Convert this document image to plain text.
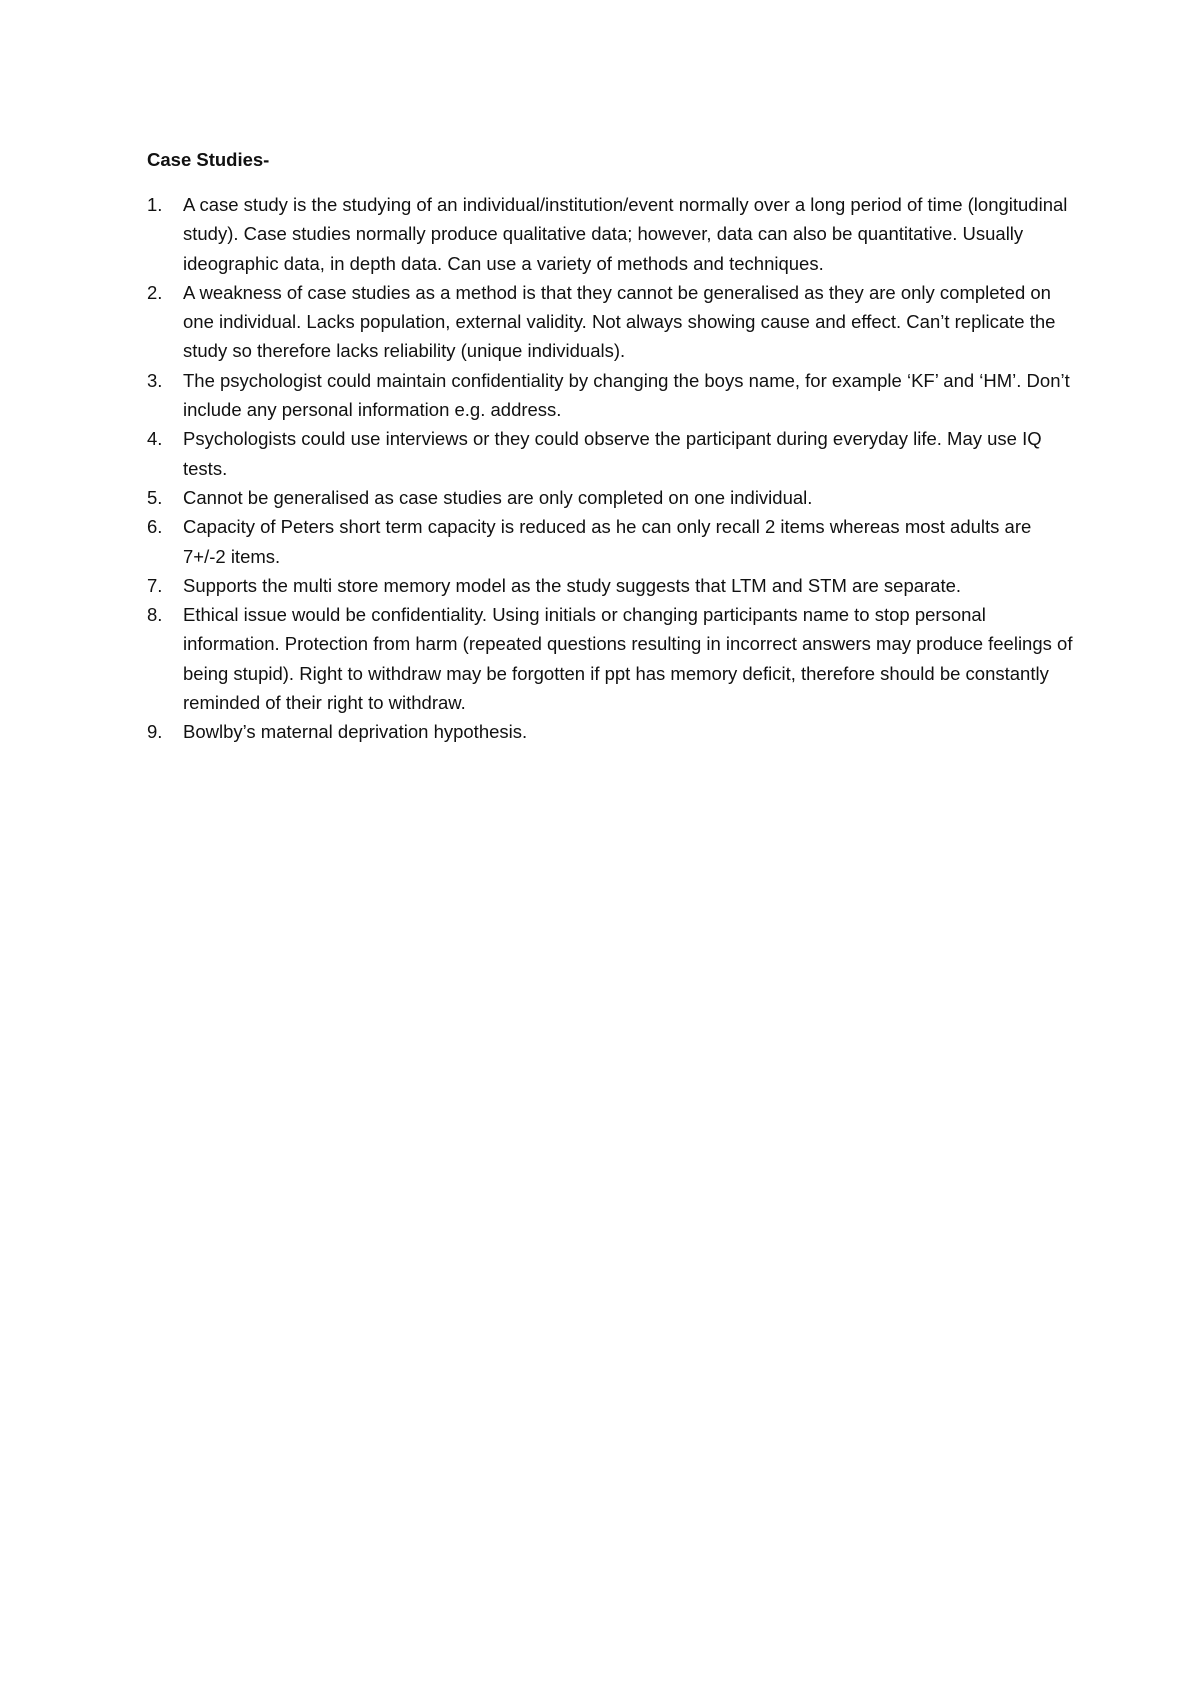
Case Studies-
1.	A case study is the studying of an individual/institution/event normally over a long period of time (longitudinal study). Case studies normally produce qualitative data; however, data can also be quantitative. Usually ideographic data, in depth data. Can use a variety of methods and techniques.
2.	A weakness of case studies as a method is that they cannot be generalised as they are only completed on one individual. Lacks population, external validity. Not always showing cause and effect. Can’t replicate the study so therefore lacks reliability (unique individuals).
3.	The psychologist could maintain confidentiality by changing the boys name, for example ‘KF’ and ‘HM’. Don’t include any personal information e.g. address.
4.	Psychologists could use interviews or they could observe the participant during everyday life. May use IQ tests.
5.	Cannot be generalised as case studies are only completed on one individual.
6.	Capacity of Peters short term capacity is reduced as he can only recall 2 items whereas most adults are 7+/-2 items.
7.	Supports the multi store memory model as the study suggests that LTM and STM are separate.
8.	Ethical issue would be confidentiality. Using initials or changing participants name to stop personal information. Protection from harm (repeated questions resulting in incorrect answers may produce feelings of being stupid). Right to withdraw may be forgotten if ppt has memory deficit, therefore should be constantly reminded of their right to withdraw.
9.	Bowlby’s maternal deprivation hypothesis.
